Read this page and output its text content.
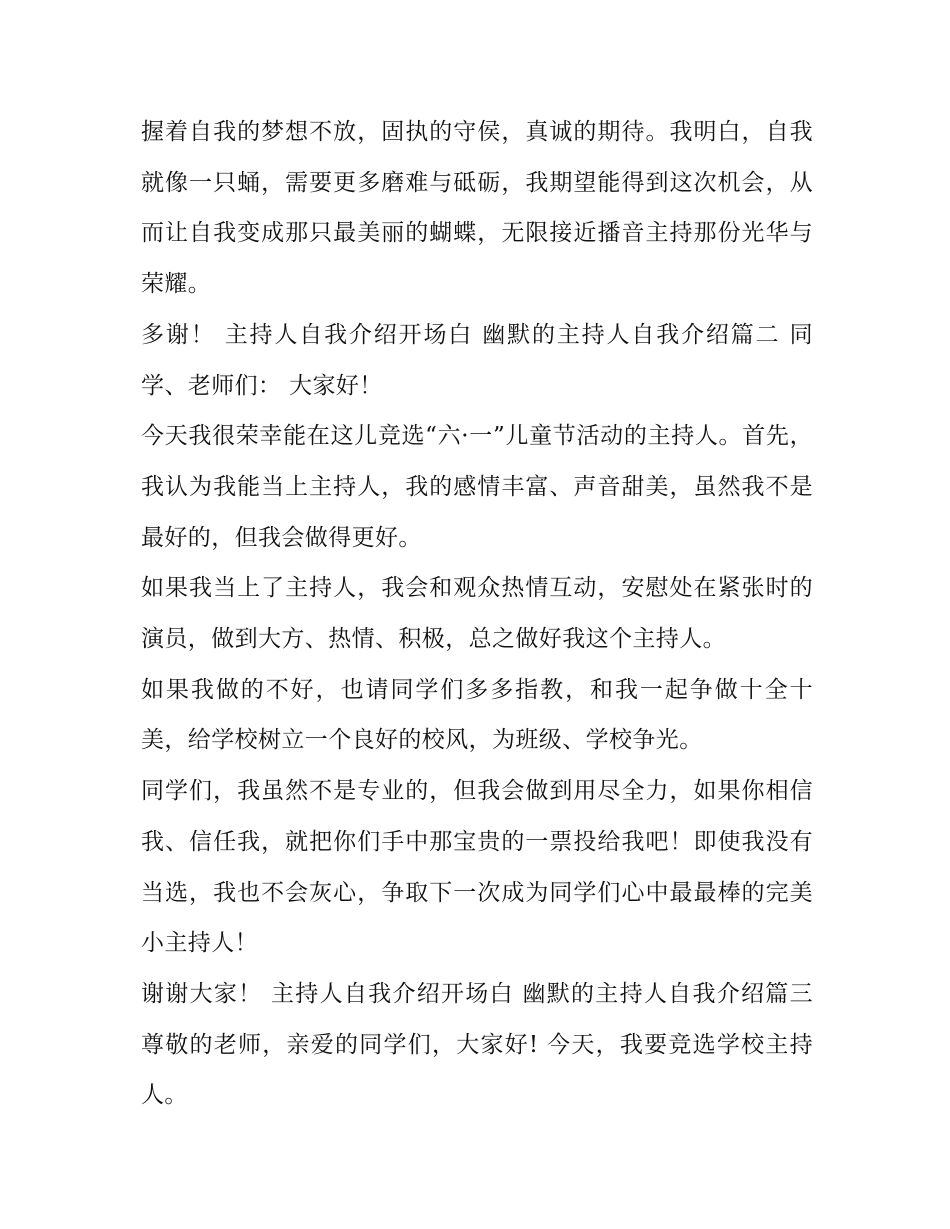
握着自我的梦想不放，固执的守侯，真诚的期待。我明白，自我就像一只蛹，需要更多磨难与砥砺，我期望能得到这次机会，从而让自我变成那只最美丽的蝴蝶，无限接近播音主持那份光华与荣耀。

多谢！ 主持人自我介绍开场白 幽默的主持人自我介绍篇二 同学、老师们： 大家好！

今天我很荣幸能在这儿竞选“六·一”儿童节活动的主持人。首先，我认为我能当上主持人，我的感情丰富、声音甜美，虽然我不是最好的，但我会做得更好。

如果我当上了主持人，我会和观众热情互动，安慰处在紧张时的演员，做到大方、热情、积极，总之做好我这个主持人。

如果我做的不好，也请同学们多多指教，和我一起争做十全十美，给学校树立一个良好的校风，为班级、学校争光。

同学们，我虽然不是专业的，但我会做到用尽全力，如果你相信我、信任我，就把你们手中那宝贵的一票投给我吧！即使我没有当选，我也不会灰心，争取下一次成为同学们心中最最棒的完美小主持人！

谢谢大家！ 主持人自我介绍开场白 幽默的主持人自我介绍篇三 尊敬的老师，亲爱的同学们，大家好! 今天，我要竞选学校主持人。
